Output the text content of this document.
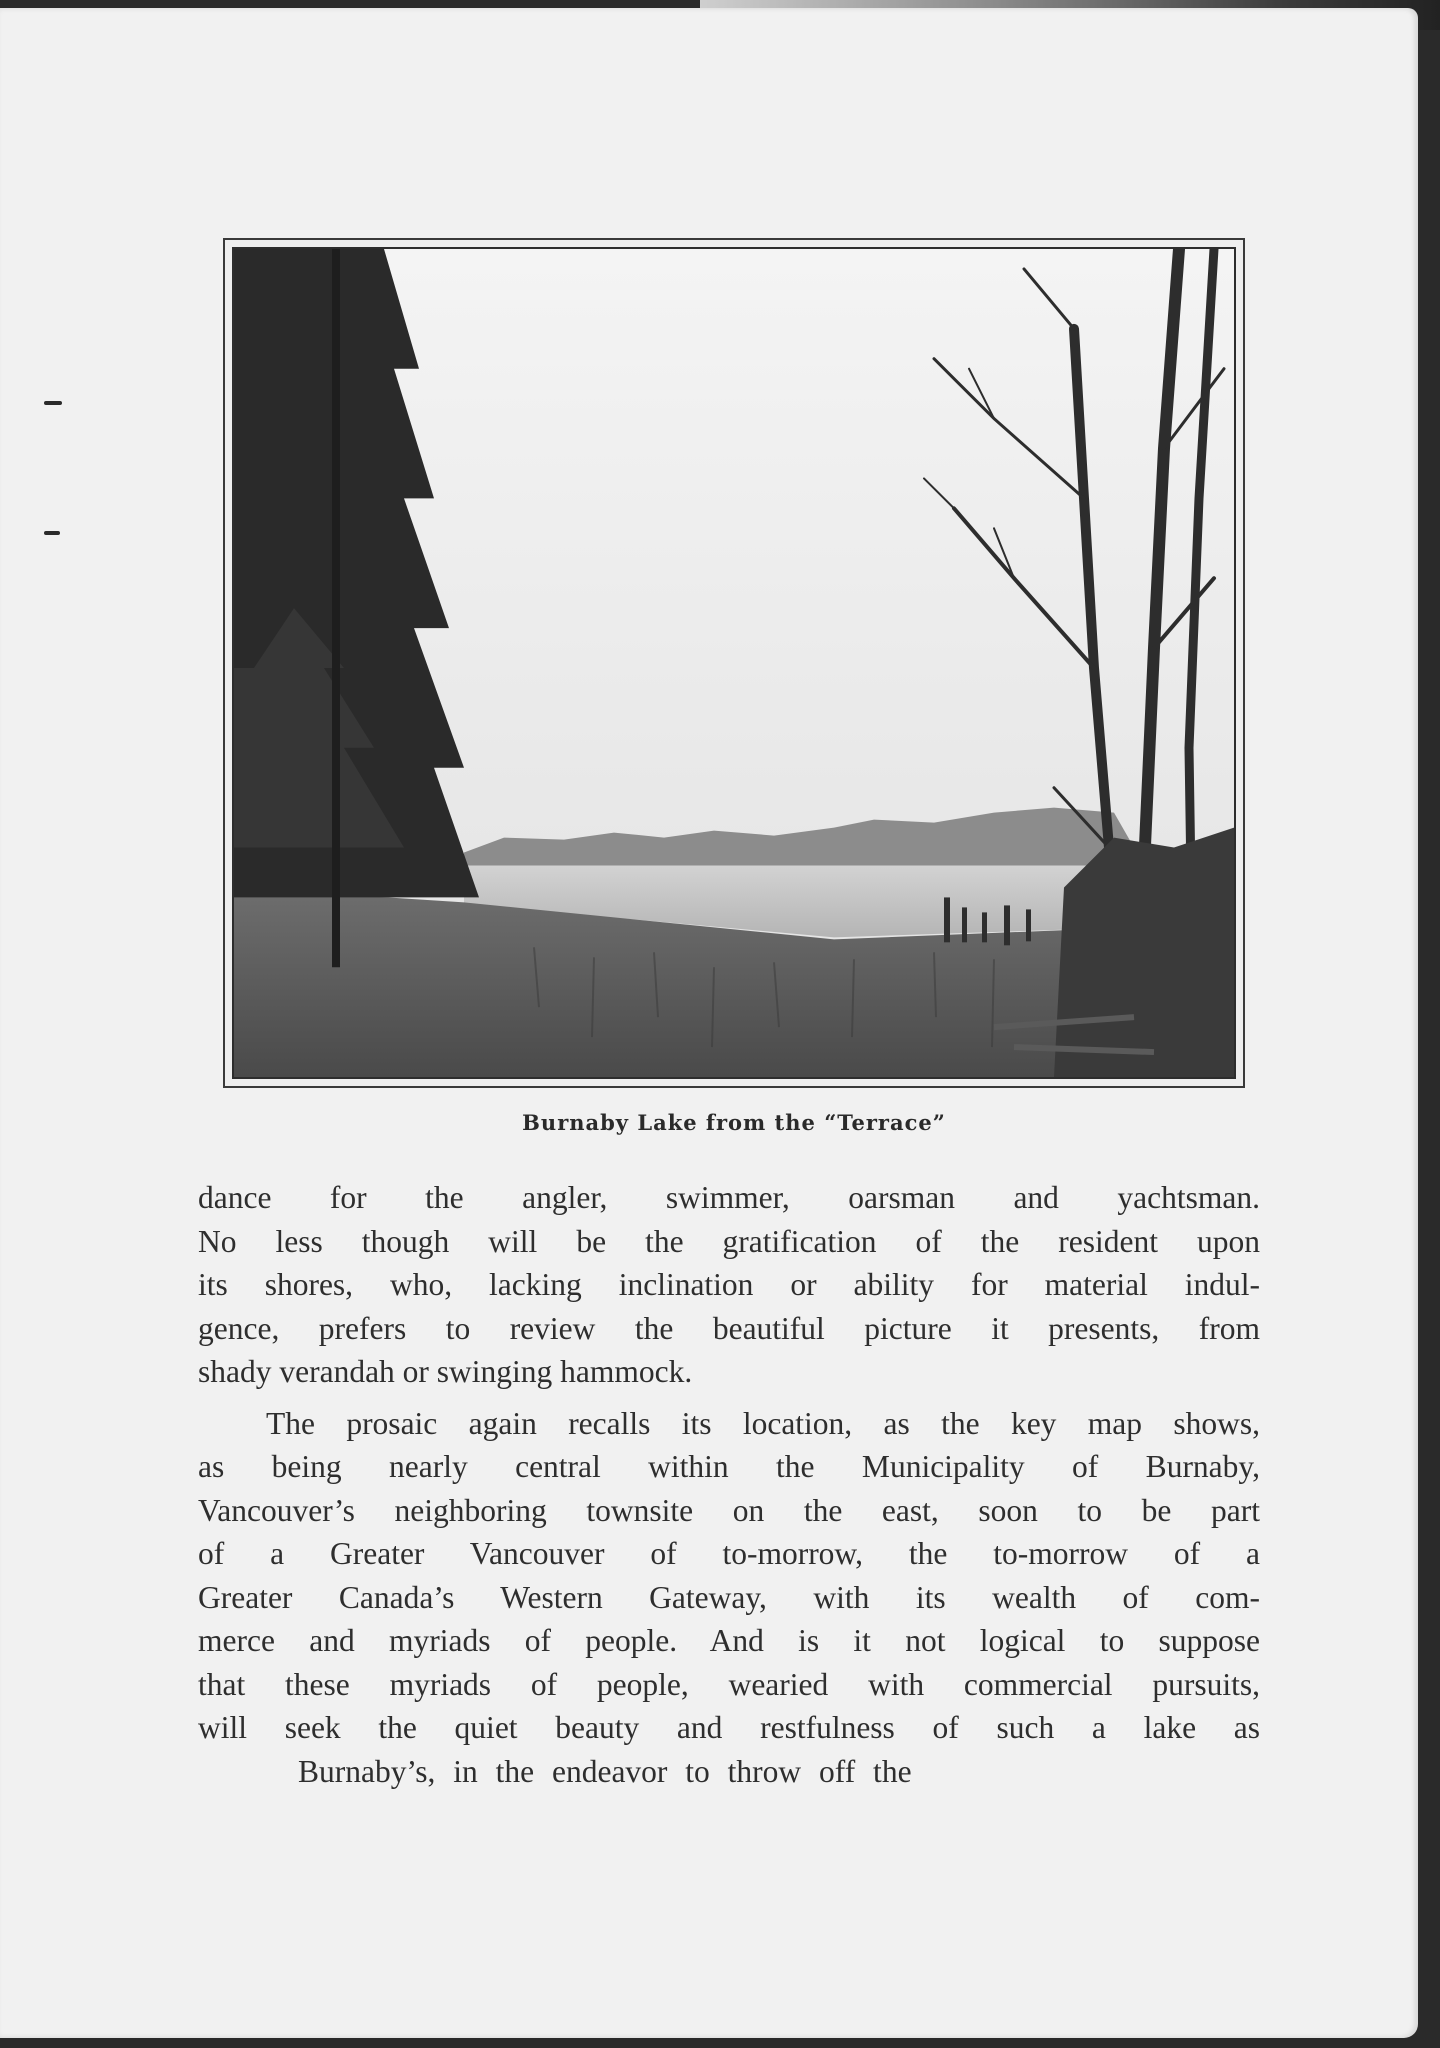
Burnaby Lake from the “Terrace”

dance for the angler, swimmer, oarsman and yachtsman.
No less though will be the gratification of the resident upon
its shores, who, lacking inclination or ability for material indul-
gence, prefers to review the beautiful picture it presents, from
shady verandah or swinging hammock.

The prosaic again recalls its location, as the key map shows,
as being nearly central within the Municipality of Burnaby,
Vancouver’s neighboring townsite on the east, soon to be part
of a Greater Vancouver of to-morrow, the to-morrow of a
Greater Canada’s Western Gateway, with its wealth of com-
merce and myriads of people. And is it not logical to suppose
that these myriads of people, wearied with commercial pursuits,
will seek the quiet beauty and restfulness of such a lake as
Burnaby’s, in the endeavor to throw off the
